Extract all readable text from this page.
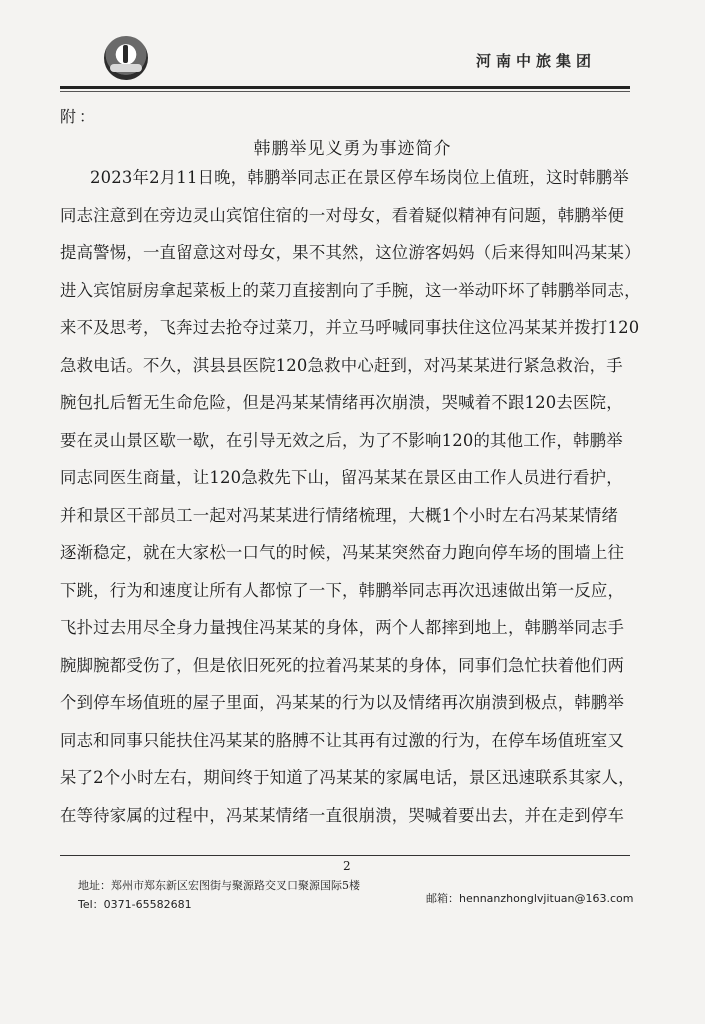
河南中旅集团
附：
韩鹏举见义勇为事迹简介
2023年2月11日晚，韩鹏举同志正在景区停车场岗位上值班，这时韩鹏举
同志注意到在旁边灵山宾馆住宿的一对母女，看着疑似精神有问题，韩鹏举便
提高警惕，一直留意这对母女，果不其然，这位游客妈妈（后来得知叫冯某某）
进入宾馆厨房拿起菜板上的菜刀直接割向了手腕，这一举动吓坏了韩鹏举同志，
来不及思考，飞奔过去抢夺过菜刀，并立马呼喊同事扶住这位冯某某并拨打120
急救电话。不久，淇县县医院120急救中心赶到，对冯某某进行紧急救治，手
腕包扎后暂无生命危险，但是冯某某情绪再次崩溃，哭喊着不跟120去医院，
要在灵山景区歇一歇，在引导无效之后，为了不影响120的其他工作，韩鹏举
同志同医生商量，让120急救先下山，留冯某某在景区由工作人员进行看护，
并和景区干部员工一起对冯某某进行情绪梳理，大概1个小时左右冯某某情绪
逐渐稳定，就在大家松一口气的时候，冯某某突然奋力跑向停车场的围墙上往
下跳，行为和速度让所有人都惊了一下，韩鹏举同志再次迅速做出第一反应，
飞扑过去用尽全身力量拽住冯某某的身体，两个人都摔到地上，韩鹏举同志手
腕脚腕都受伤了，但是依旧死死的拉着冯某某的身体，同事们急忙扶着他们两
个到停车场值班的屋子里面，冯某某的行为以及情绪再次崩溃到极点，韩鹏举
同志和同事只能扶住冯某某的胳膊不让其再有过激的行为，在停车场值班室又
呆了2个小时左右，期间终于知道了冯某某的家属电话，景区迅速联系其家人，
在等待家属的过程中，冯某某情绪一直很崩溃，哭喊着要出去，并在走到停车
2
地址：郑州市郑东新区宏图街与聚源路交叉口聚源国际5楼
Tel：0371-65582681	邮箱：hennanzhonglvjituan@163.com
